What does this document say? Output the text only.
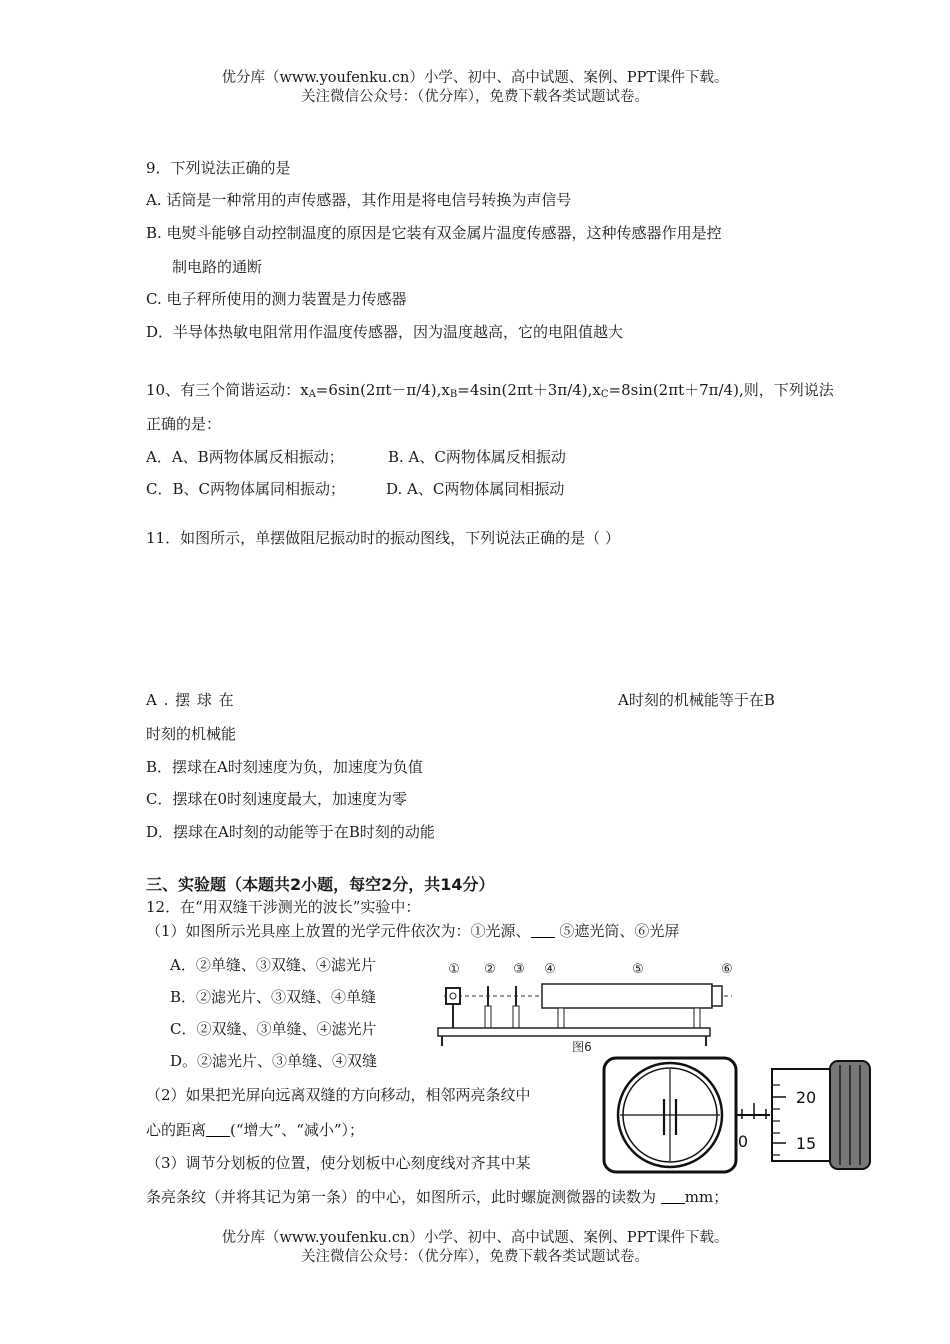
优分库（www.youfenku.cn）小学、初中、高中试题、案例、PPT课件下载。
关注微信公众号：（优分库），免费下载各类试题试卷。
9．下列说法正确的是
A. 话筒是一种常用的声传感器，其作用是将电信号转换为声信号
B. 电熨斗能够自动控制温度的原因是它装有双金属片温度传感器，这种传感器作用是控
制电路的通断
C. 电子秤所使用的测力装置是力传感器
D．半导体热敏电阻常用作温度传感器，因为温度越高，它的电阻值越大
10、有三个简谐运动：$x_A=6\sin(2\pi t-\pi/4),x_B=4\sin(2\pi t+3\pi/4),x_C=8\sin(2\pi t+7\pi/4)$,则，下列说法
正确的是：
A．A、B两物体属反相振动；	B. A、C两物体属反相振动
C．B、C两物体属同相振动；	D. A、C两物体属同相振动
11．如图所示，单摆做阻尼振动时的振动图线，下列说法正确的是（ ）
A . 摆 球 在	A时刻的机械能等于在B
时刻的机械能
B．摆球在A时刻速度为负，加速度为负值
C．摆球在0时刻速度最大，加速度为零
D．摆球在A时刻的动能等于在B时刻的动能
三、实验题（本题共2小题，每空2分，共14分）
12．在“用双缝干涉测光的波长”实验中：
（1）如图所示光具座上放置的光学元件依次为：①光源、 ⑤遮光筒、⑥光屏
A．②单缝、③双缝、④滤光片
B．②滤光片、③双缝、④单缝
C．②双缝、③单缝、④滤光片
D。②滤光片、③单缝、④双缝
（2）如果把光屏向远离双缝的方向移动，相邻两亮条纹中
心的距离 (“增大”、“减小”）；
（3）调节分划板的位置，使分划板中心刻度线对齐其中某
条亮条纹（并将其记为第一条）的中心，如图所示，此时螺旋测微器的读数为 mm；
① ② ③ ④	⑤	⑥
图6
0
20
15
优分库（www.youfenku.cn）小学、初中、高中试题、案例、PPT课件下载。
关注微信公众号：（优分库），免费下载各类试题试卷。
